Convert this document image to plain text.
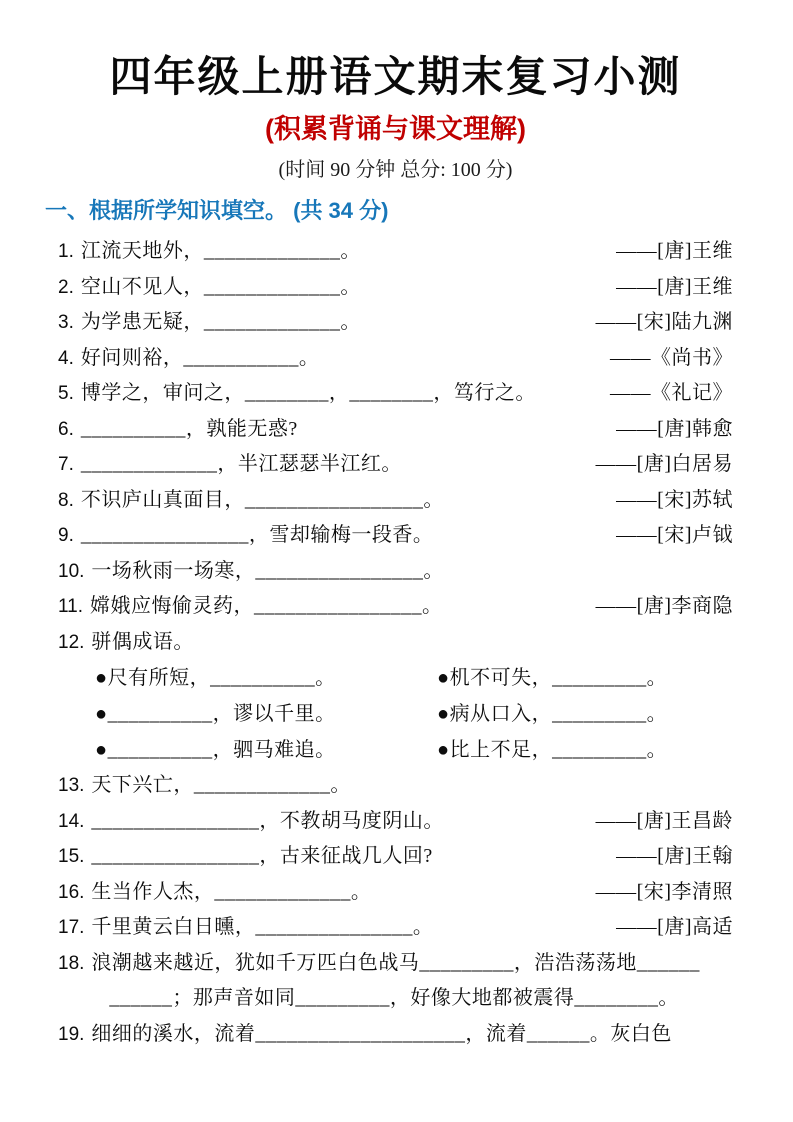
四年级上册语文期末复习小测
(积累背诵与课文理解)
(时间 90 分钟 总分: 100 分)
一、根据所学知识填空。 (共 34 分)
1. 江流天地外，_____________。	——[唐]王维
2. 空山不见人，_____________。	——[唐]王维
3. 为学患无疑，_____________。	——[宋]陆九渊
4. 好问则裕，___________。	——《尚书》
5. 博学之，审问之，________，________，笃行之。	——《礼记》
6. __________，孰能无惑?	——[唐]韩愈
7. _____________，半江瑟瑟半江红。	——[唐]白居易
8. 不识庐山真面目，_________________。	——[宋]苏轼
9. ________________，雪却输梅一段香。	——[宋]卢钺
10. 一场秋雨一场寒，________________。
11. 嫦娥应悔偷灵药，________________。	——[唐]李商隐
12. 骈偶成语。
●尺有所短，__________。	●机不可失，_________。
●__________，谬以千里。	●病从口入，_________。
●__________，驷马难追。	●比上不足，_________。
13. 天下兴亡，_____________。
14. ________________，不教胡马度阴山。	——[唐]王昌龄
15. ________________，古来征战几人回?	——[唐]王翰
16. 生当作人杰，_____________。	——[宋]李清照
17. 千里黄云白日曛，_______________。	——[唐]高适
18. 浪潮越来越近，犹如千万匹白色战马_________，浩浩荡荡地______
______；那声音如同_________，好像大地都被震得________。
19. 细细的溪水，流着____________________，流着______。灰白色
